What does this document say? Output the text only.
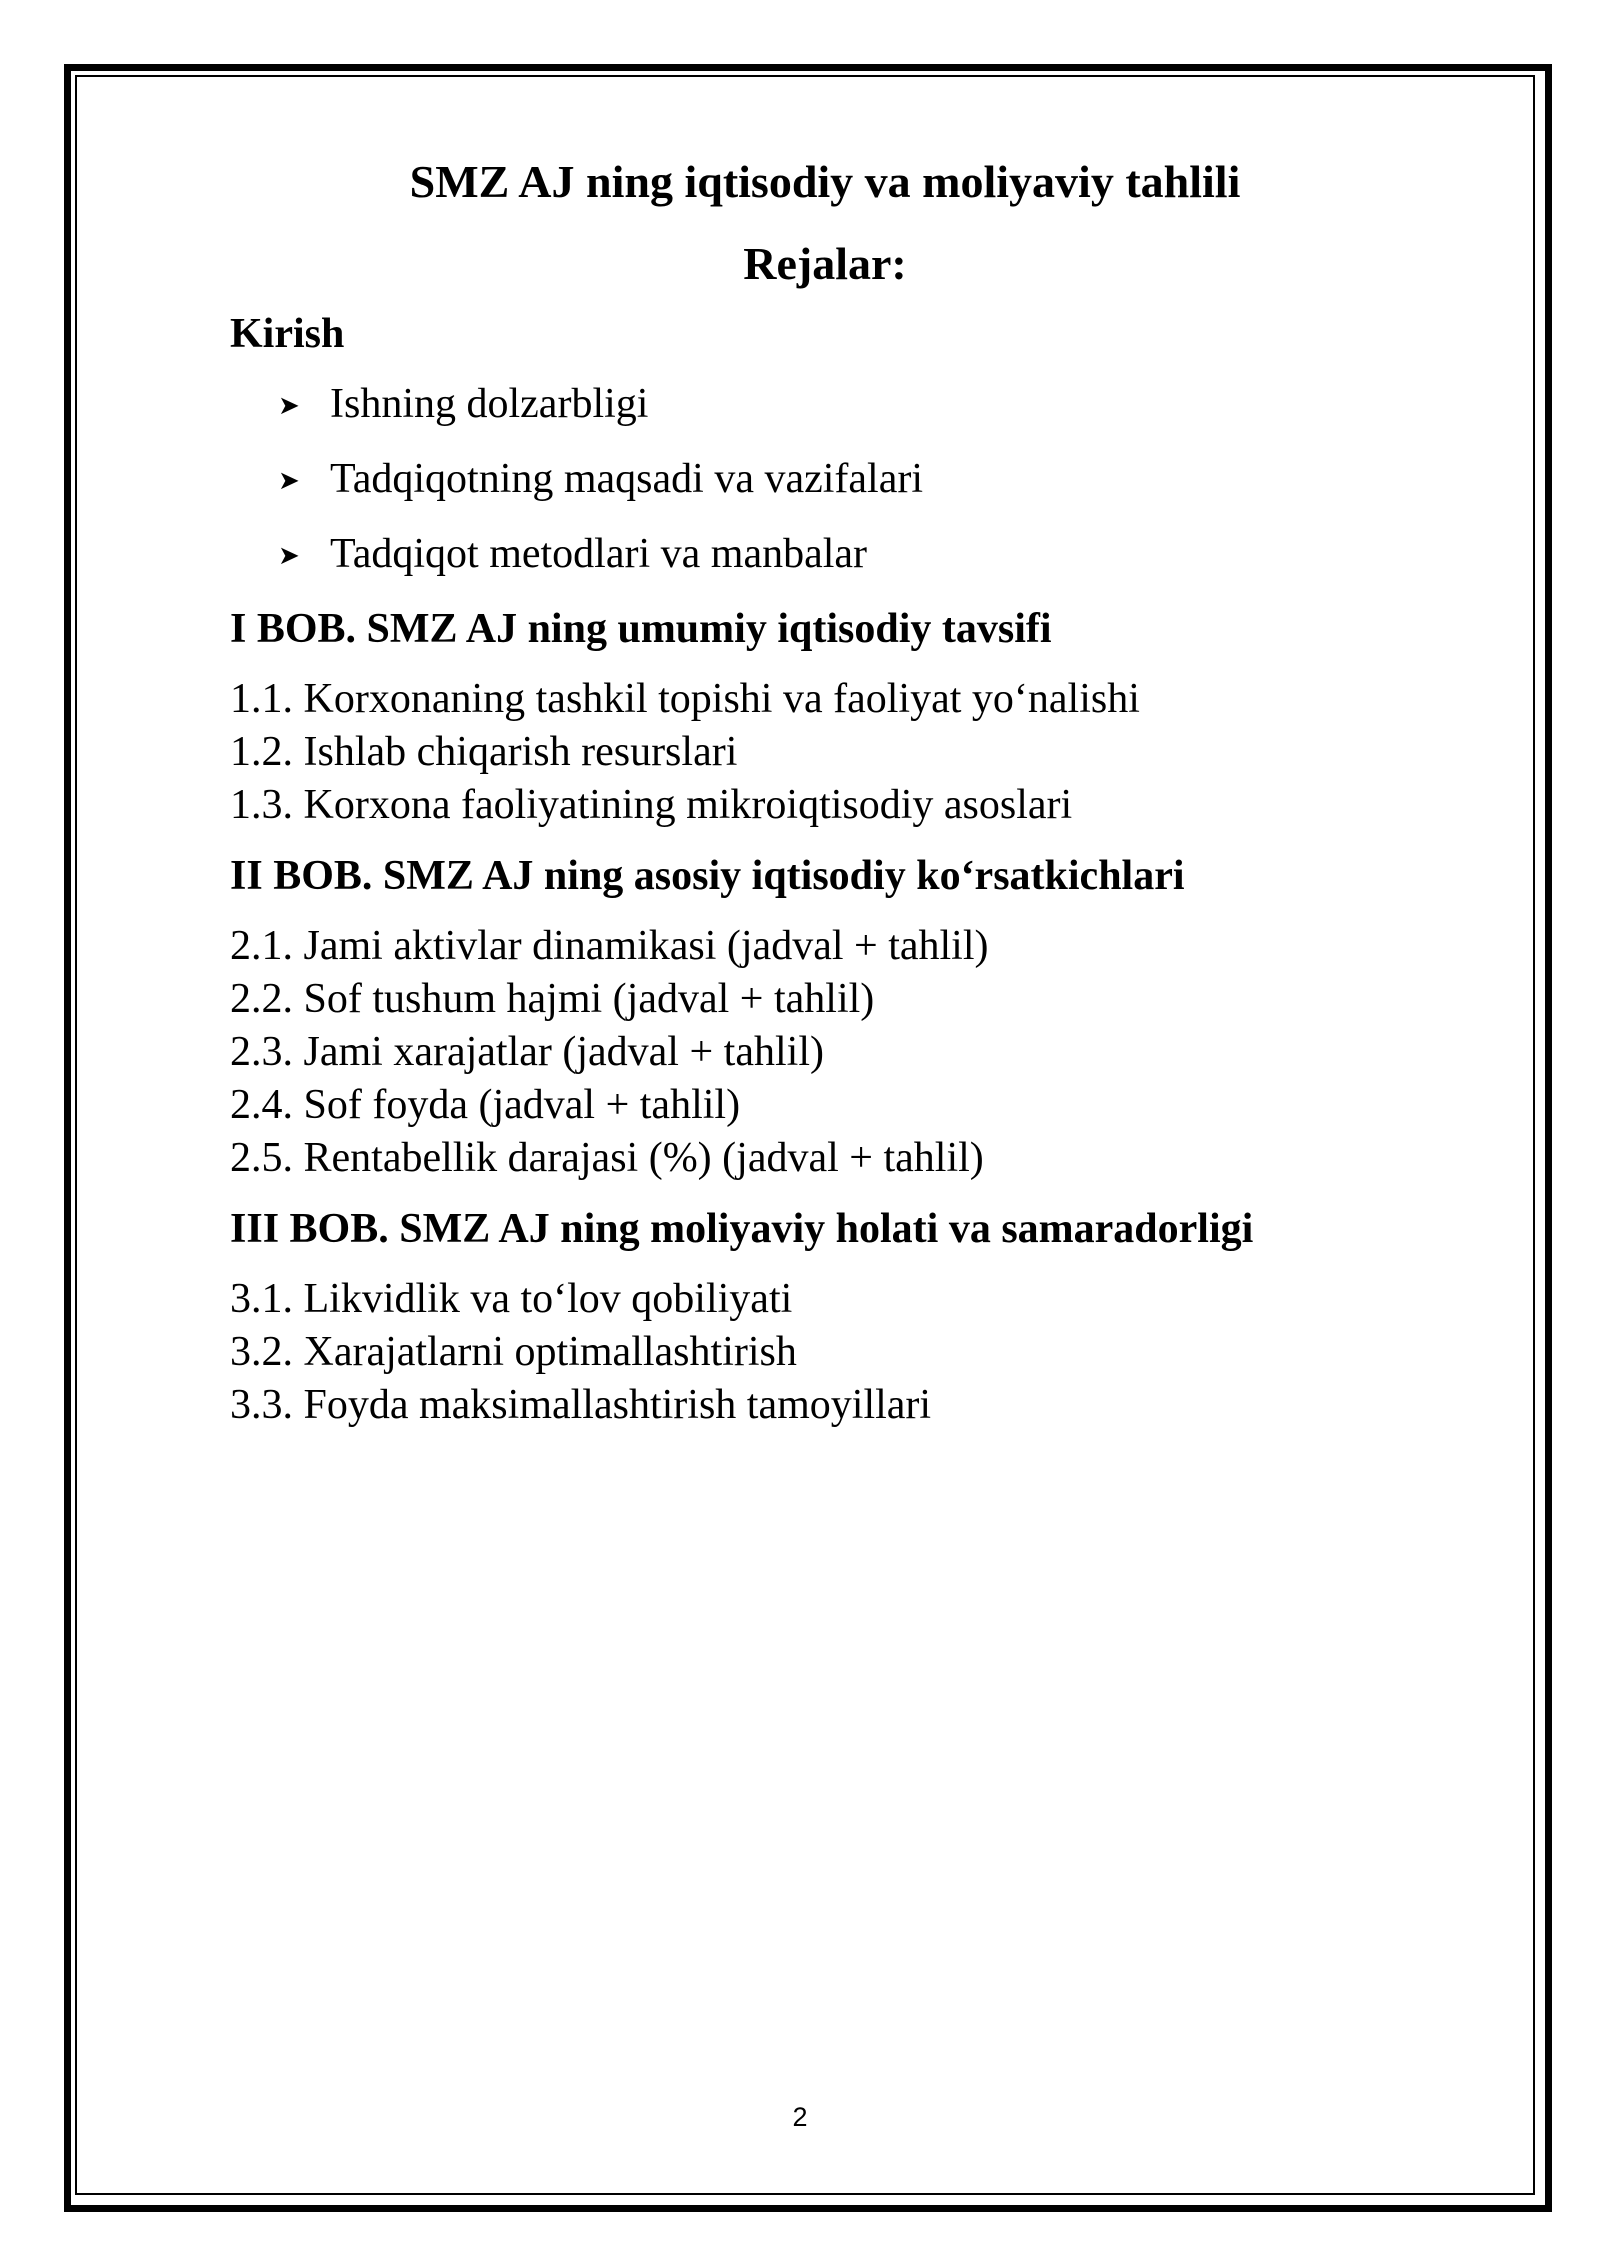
SMZ AJ ning iqtisodiy va moliyaviy tahlili
Rejalar:
Kirish
➤ Ishning dolzarbligi
➤ Tadqiqotning maqsadi va vazifalari
➤ Tadqiqot metodlari va manbalar
I BOB. SMZ AJ ning umumiy iqtisodiy tavsifi
1.1. Korxonaning tashkil topishi va faoliyat yo‘nalishi
1.2. Ishlab chiqarish resurslari
1.3. Korxona faoliyatining mikroiqtisodiy asoslari
II BOB. SMZ AJ ning asosiy iqtisodiy ko‘rsatkichlari
2.1. Jami aktivlar dinamikasi (jadval + tahlil)
2.2. Sof tushum hajmi (jadval + tahlil)
2.3. Jami xarajatlar (jadval + tahlil)
2.4. Sof foyda (jadval + tahlil)
2.5. Rentabellik darajasi (%) (jadval + tahlil)
III BOB. SMZ AJ ning moliyaviy holati va samaradorligi
3.1. Likvidlik va to‘lov qobiliyati
3.2. Xarajatlarni optimallashtirish
3.3. Foyda maksimallashtirish tamoyillari
2
